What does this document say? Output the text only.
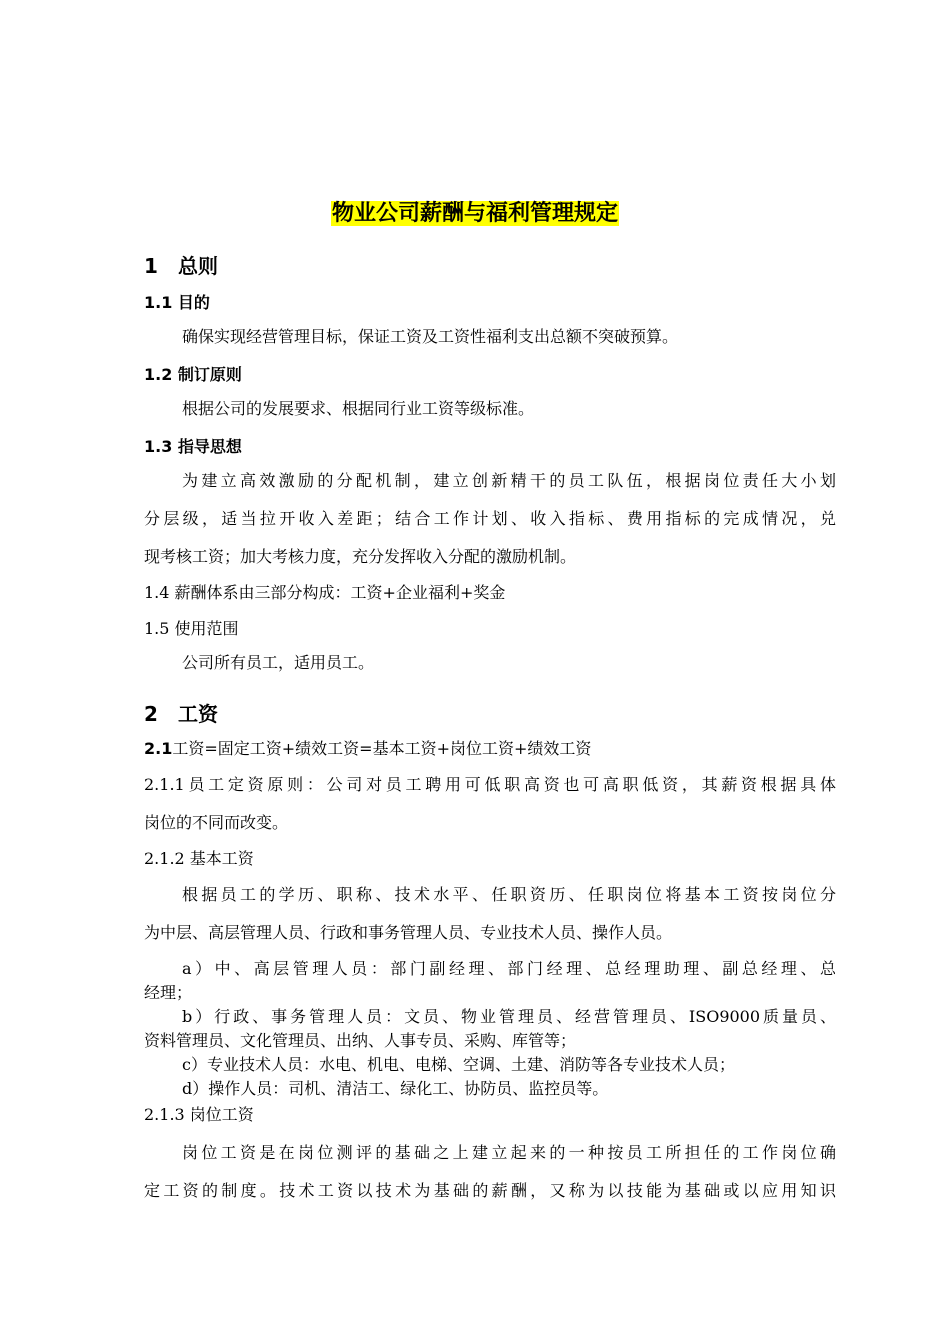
物业公司薪酬与福利管理规定
1 总则
1.1 目的
确保实现经营管理目标，保证工资及工资性福利支出总额不突破预算。
1.2 制订原则
根据公司的发展要求、根据同行业工资等级标准。
1.3 指导思想
为建立高效激励的分配机制，建立创新精干的员工队伍，根据岗位责任大小划
分层级，适当拉开收入差距；结合工作计划、收入指标、费用指标的完成情况，兑
现考核工资；加大考核力度，充分发挥收入分配的激励机制。
1.4 薪酬体系由三部分构成：工资+企业福利+奖金
1.5 使用范围
公司所有员工，适用员工。
2 工资
2.1工资=固定工资+绩效工资=基本工资+岗位工资+绩效工资
2.1.1员工定资原则：公司对员工聘用可低职高资也可高职低资，其薪资根据具体
岗位的不同而改变。
2.1.2 基本工资
根据员工的学历、职称、技术水平、任职资历、任职岗位将基本工资按岗位分
为中层、高层管理人员、行政和事务管理人员、专业技术人员、操作人员。
a）中、高层管理人员：部门副经理、部门经理、总经理助理、副总经理、总
经理；
b）行政、事务管理人员：文员、物业管理员、经营管理员、ISO9000质量员、
资料管理员、文化管理员、出纳、人事专员、采购、库管等；
c）专业技术人员：水电、机电、电梯、空调、土建、消防等各专业技术人员；
d）操作人员：司机、清洁工、绿化工、协防员、监控员等。
2.1.3 岗位工资
岗位工资是在岗位测评的基础之上建立起来的一种按员工所担任的工作岗位确
定工资的制度。技术工资以技术为基础的薪酬，又称为以技能为基础或以应用知识
